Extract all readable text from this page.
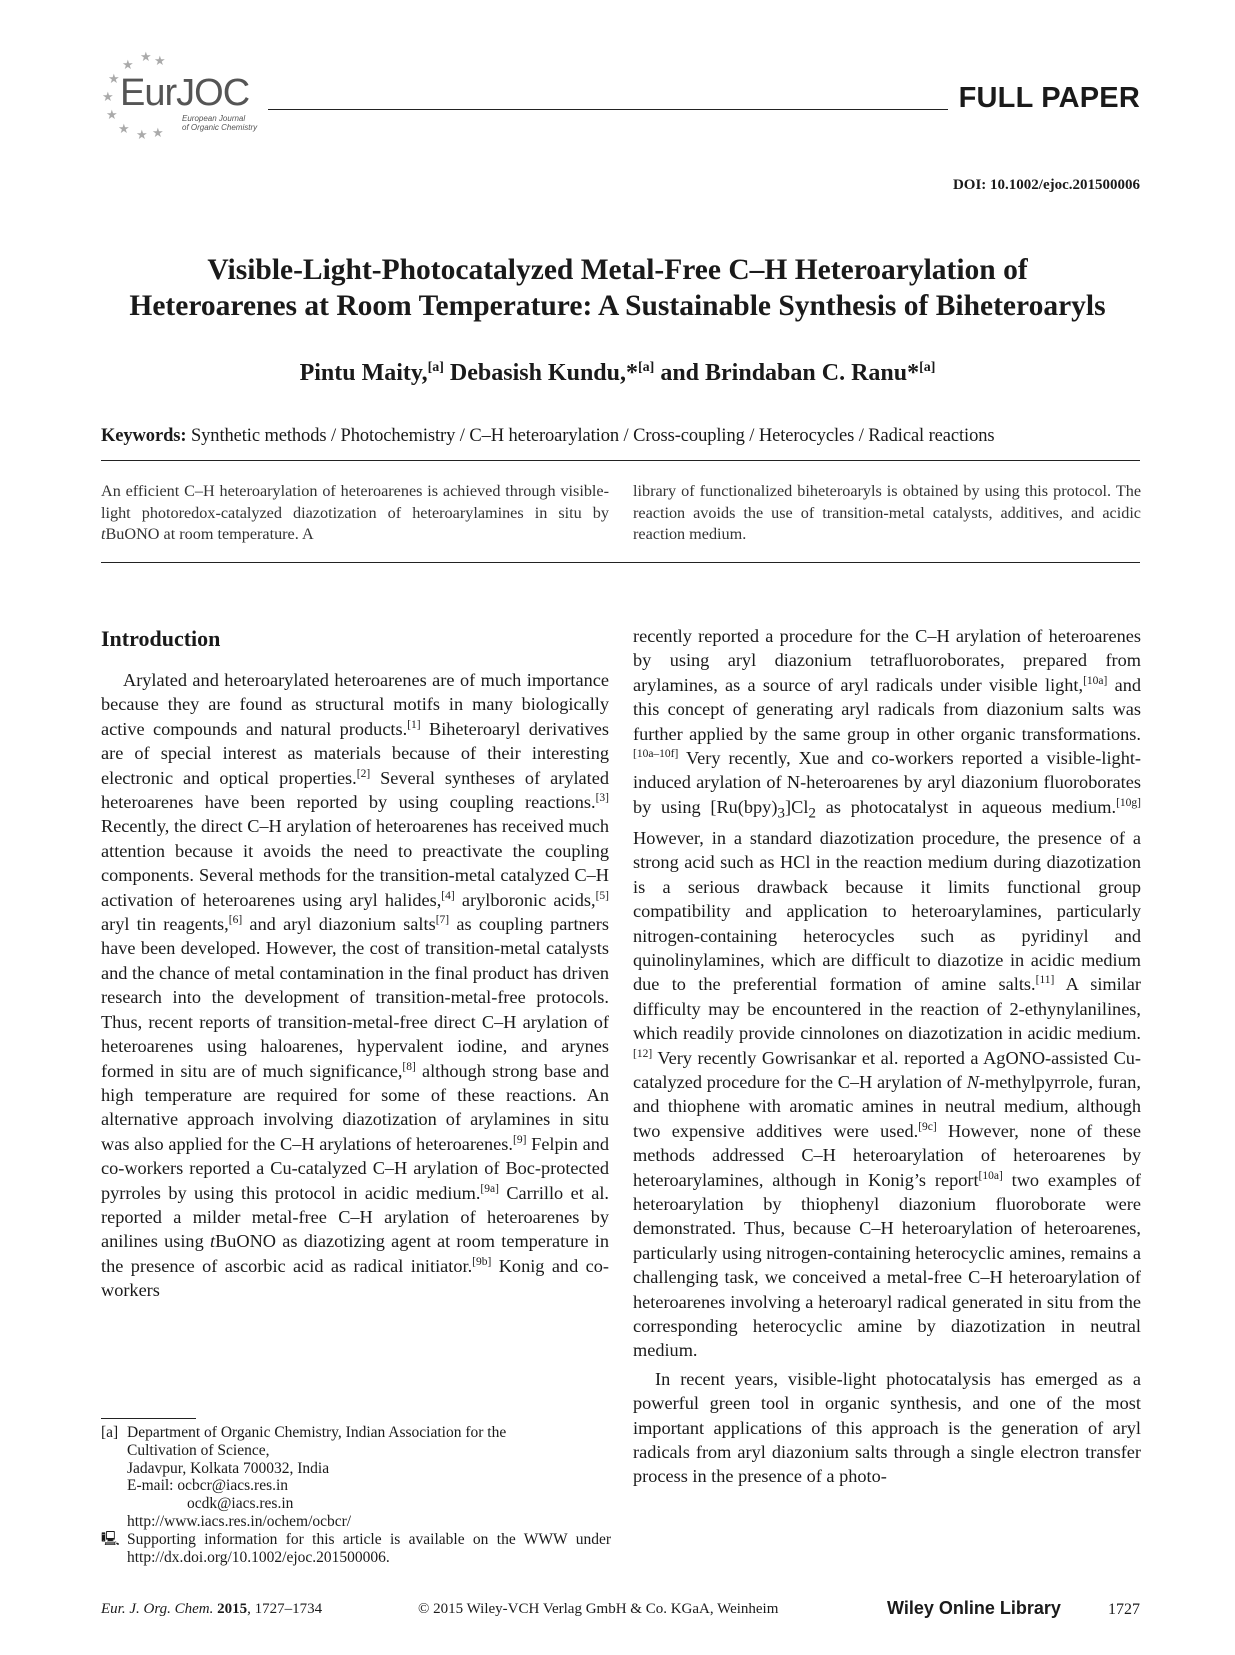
★
★
★
★
★
★ ★
★
★
EurJOC
European Journal
of Organic Chemistry
FULL PAPER
DOI: 10.1002/ejoc.201500006
Visible-Light-Photocatalyzed Metal-Free C–H Heteroarylation of
Heteroarenes at Room Temperature: A Sustainable Synthesis of Biheteroaryls
Pintu Maity,[a] Debasish Kundu,*[a] and Brindaban C. Ranu*[a]
Keywords: Synthetic methods / Photochemistry / C–H heteroarylation / Cross-coupling / Heterocycles / Radical reactions
An efficient C–H heteroarylation of heteroarenes is achieved through visible-light photoredox-catalyzed diazotization of heteroarylamines in situ by tBuONO at room temperature. A
library of functionalized biheteroaryls is obtained by using this protocol. The reaction avoids the use of transition-metal catalysts, additives, and acidic reaction medium.
Introduction

Arylated and heteroarylated heteroarenes are of much importance because they are found as structural motifs in many biologically active compounds and natural products.[1] Biheteroaryl derivatives are of special interest as materials because of their interesting electronic and optical properties.[2] Several syntheses of arylated heteroarenes have been reported by using coupling reactions.[3] Recently, the direct C–H arylation of heteroarenes has received much attention because it avoids the need to preactivate the coupling components. Several methods for the transition-metal catalyzed C–H activation of heteroarenes using aryl halides,[4] arylboronic acids,[5] aryl tin reagents,[6] and aryl diazonium salts[7] as coupling partners have been developed. However, the cost of transition-metal catalysts and the chance of metal contamination in the final product has driven research into the development of transition-metal-free protocols. Thus, recent reports of transition-metal-free direct C–H arylation of heteroarenes using haloarenes, hypervalent iodine, and arynes formed in situ are of much significance,[8] although strong base and high temperature are required for some of these reactions. An alternative approach involving diazotization of arylamines in situ was also applied for the C–H arylations of heteroarenes.[9] Felpin and co-workers reported a Cu-catalyzed C–H arylation of Boc-protected pyrroles by using this protocol in acidic medium.[9a] Carrillo et al. reported a milder metal-free C–H arylation of heteroarenes by anilines using tBuONO as diazotizing agent at room temperature in the presence of ascorbic acid as radical initiator.[9b] Konig and co-workers

recently reported a procedure for the C–H arylation of heteroarenes by using aryl diazonium tetrafluoroborates, prepared from arylamines, as a source of aryl radicals under visible light,[10a] and this concept of generating aryl radicals from diazonium salts was further applied by the same group in other organic transformations.[10a–10f] Very recently, Xue and co-workers reported a visible-light-induced arylation of N-heteroarenes by aryl diazonium fluoroborates by using $[Ru(bpy)_3]Cl_2$ as photocatalyst in aqueous medium.[10g] However, in a standard diazotization procedure, the presence of a strong acid such as HCl in the reaction medium during diazotization is a serious drawback because it limits functional group compatibility and application to heteroarylamines, particularly nitrogen-containing heterocycles such as pyridinyl and quinolinylamines, which are difficult to diazotize in acidic medium due to the preferential formation of amine salts.[11] A similar difficulty may be encountered in the reaction of 2-ethynylanilines, which readily provide cinnolones on diazotization in acidic medium.[12] Very recently Gowrisankar et al. reported a AgONO-assisted Cu-catalyzed procedure for the C–H arylation of N-methylpyrrole, furan, and thiophene with aromatic amines in neutral medium, although two expensive additives were used.[9c] However, none of these methods addressed C–H heteroarylation of heteroarenes by heteroarylamines, although in Konig’s report[10a] two examples of heteroarylation by thiophenyl diazonium fluoroborate were demonstrated. Thus, because C–H heteroarylation of heteroarenes, particularly using nitrogen-containing heterocyclic amines, remains a challenging task, we conceived a metal-free C–H heteroarylation of heteroarenes involving a heteroaryl radical generated in situ from the corresponding heterocyclic amine by diazotization in neutral medium.

In recent years, visible-light photocatalysis has emerged as a powerful green tool in organic synthesis, and one of the most important applications of this approach is the generation of aryl radicals from aryl diazonium salts through a single electron transfer process in the presence of a photo-

[a] Department of Organic Chemistry, Indian Association for the
Cultivation of Science,
Jadavpur, Kolkata 700032, India
E-mail: ocbcr@iacs.res.in
ocdk@iacs.res.in
http://www.iacs.res.in/ochem/ocbcr/
🖳 Supporting information for this article is available on the WWW under http://dx.doi.org/10.1002/ejoc.201500006.
Eur. J. Org. Chem. 2015, 1727–1734	© 2015 Wiley-VCH Verlag GmbH & Co. KGaA, Weinheim	Wiley Online Library	1727
